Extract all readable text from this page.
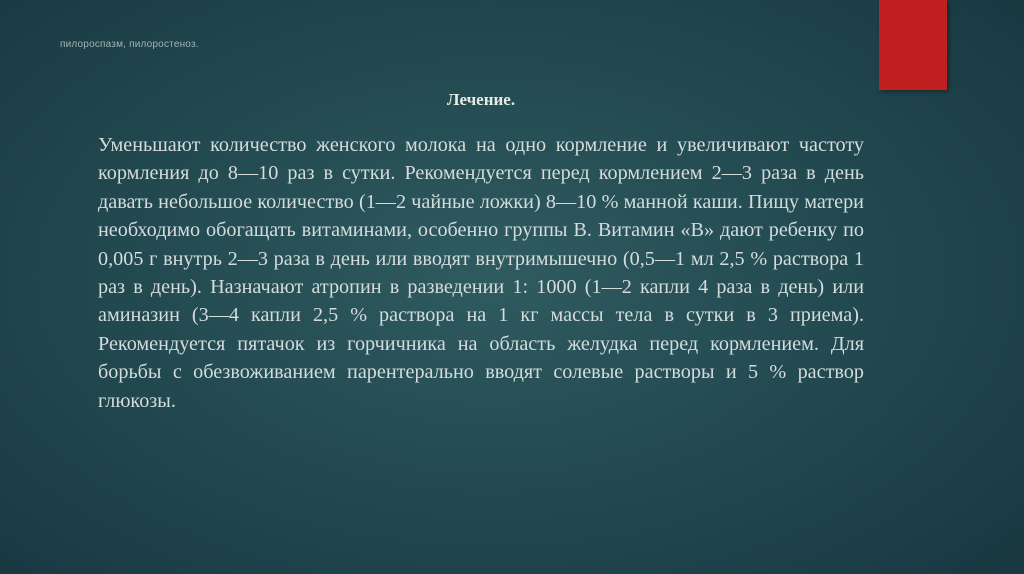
пилороспазм, пилоростеноз.
Лечение.

Уменьшают количество женского молока на одно кормление и увеличивают частоту кормления до 8—10 раз в сутки. Рекомендуется перед кормлением 2—3 раза в день давать небольшое количество (1—2 чайные ложки) 8—10 % манной каши. Пищу матери необходимо обогащать витаминами, особенно группы В. Витамин «В» дают ребенку по 0,005 г внутрь 2—3 раза в день или вводят внутримышечно (0,5—1 мл 2,5 % раствора 1 раз в день). Назначают атропин в разведении 1: 1000 (1—2 капли 4 раза в день) или аминазин (3—4 капли 2,5 % раствора на 1 кг массы тела в сутки в 3 приема). Рекомендуется пятачок из горчичника на область желудка перед кормлением. Для борьбы с обезвоживанием парентерально вводят солевые растворы и 5 % раствор глюкозы.
